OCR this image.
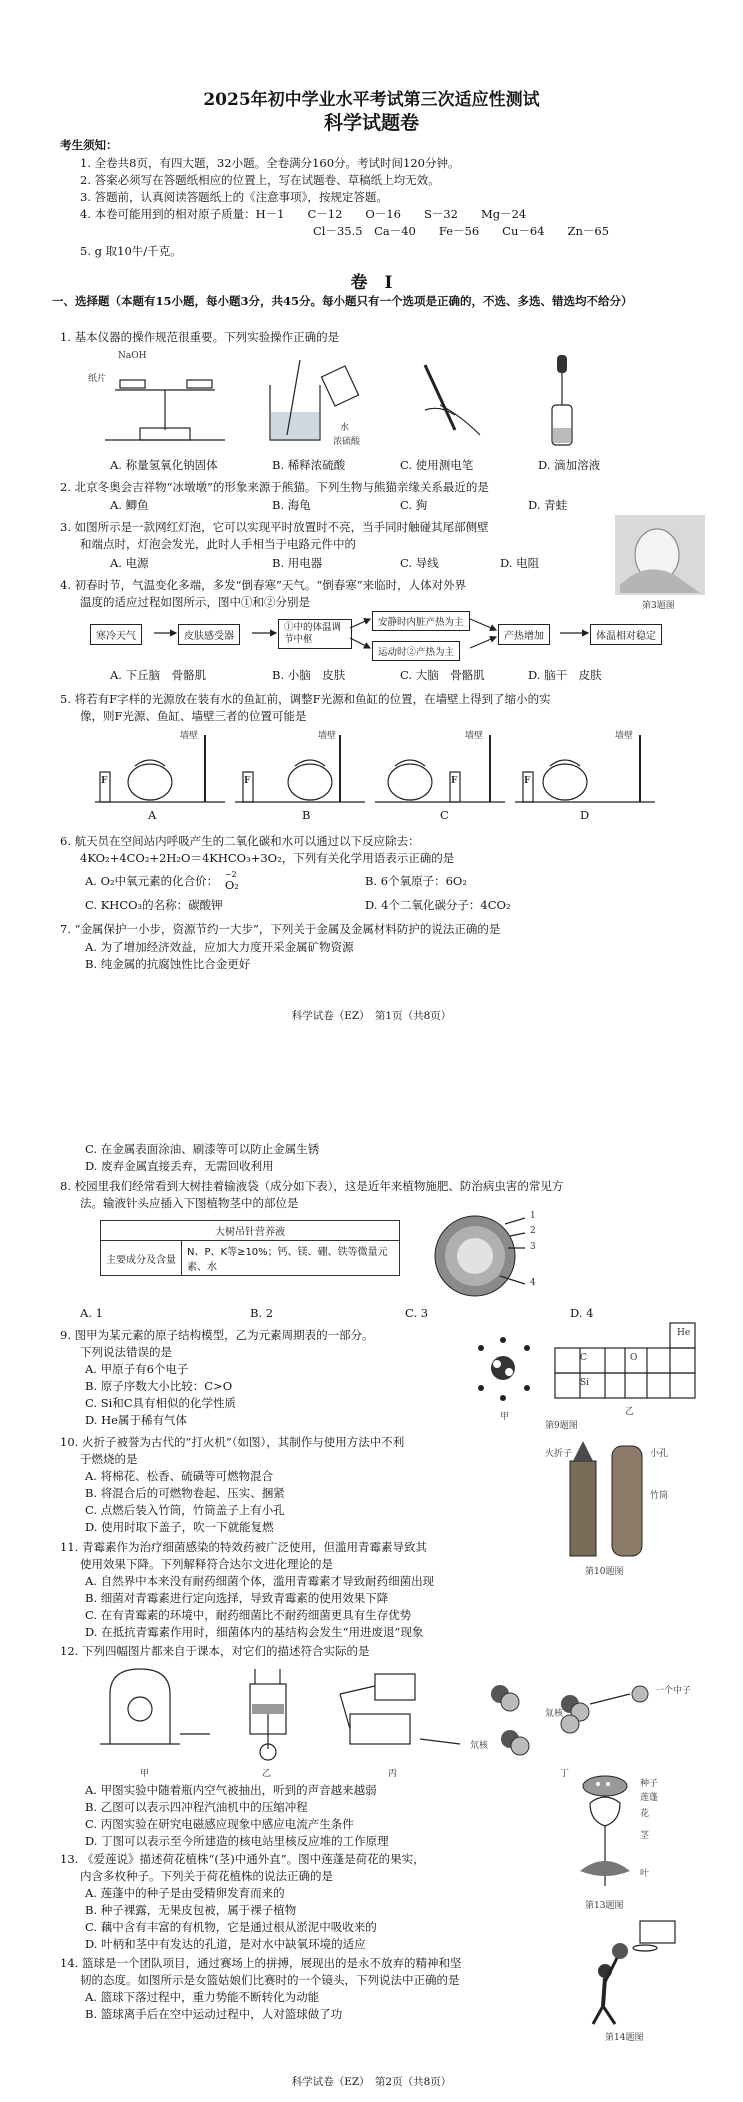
2025年初中学业水平考试第三次适应性测试
科学试题卷
考生须知：
1. 全卷共8页，有四大题，32小题。全卷满分160分。考试时间120分钟。
2. 答案必须写在答题纸相应的位置上，写在试题卷、草稿纸上均无效。
3. 答题前，认真阅读答题纸上的《注意事项》，按规定答题。
4. 本卷可能用到的相对原子质量：H－1　　C－12　　O－16　　S－32　　Mg－24
Cl－35.5　Ca－40　　Fe－56　　Cu－64　　Zn－65
5. g 取10牛/千克。
卷　Ⅰ
一、选择题（本题有15小题，每小题3分，共45分。每小题只有一个选项是正确的，不选、多选、错选均不给分）
1. 基本仪器的操作规范很重要。下列实验操作正确的是
NaOH
纸片
水
浓硫酸
A. 称量氢氧化钠固体	B. 稀释浓硫酸	C. 使用测电笔	D. 滴加溶液
2. 北京冬奥会吉祥物“冰墩墩”的形象来源于熊猫。下列生物与熊猫亲缘关系最近的是
A. 鲫鱼	B. 海龟	C. 狗	D. 青蛙
3. 如图所示是一款网红灯泡，它可以实现平时放置时不亮，当手同时触碰其尾部侧壁
和端点时，灯泡会发光，此时人手相当于电路元件中的
A. 电源	B. 用电器	C. 导线	D. 电阻
第3题图
4. 初春时节，气温变化多端，多发“倒春寒”天气。“倒春寒”来临时，人体对外界
温度的适应过程如图所示，图中①和②分别是
寒冷天气	皮肤感受器
①中的体温调节中枢
安静时内脏产热为主
运动时②产热为主
产热增加	体温相对稳定
A. 下丘脑　骨骼肌	B. 小脑　皮肤	C. 大脑　骨骼肌	D. 脑干　皮肤
5. 将若有F字样的光源放在装有水的鱼缸前，调整F光源和鱼缸的位置，在墙壁上得到了缩小的实
像，则F光源、鱼缸、墙壁三者的位置可能是
墙壁	墙壁	墙壁	墙壁
F	F	F	F
A	B	C	D
6. 航天员在空间站内呼吸产生的二氧化碳和水可以通过以下反应除去：
4KO₂+4CO₂+2H₂O＝4KHCO₃+3O₂，下列有关化学用语表示正确的是
A. O₂中氧元素的化合价： −2
O₂	B. 6个氧原子：6O₂
C. KHCO₃的名称：碳酸钾	D. 4个二氧化碳分子：4CO₂
7. “金属保护一小步，资源节约一大步”，下列关于金属及金属材料防护的说法正确的是
A. 为了增加经济效益，应加大力度开采金属矿物资源
B. 纯金属的抗腐蚀性比合金更好
科学试卷（EZ）　第1页（共8页）
C. 在金属表面涂油、刷漆等可以防止金属生锈
D. 废弃金属直接丢弃，无需回收利用
8. 校园里我们经常看到大树挂着输液袋（成分如下表），这是近年来植物施肥、防治病虫害的常见方
法。输液针头应插入下图植物茎中的部位是
大树吊针营养液
主要成分及含量	N、P、K等≥10%；钙、镁、硼、铁等微量元素、水
1
2
3
4
A. 1	B. 2	C. 3	D. 4
9. 图甲为某元素的原子结构模型，乙为元素周期表的一部分。
下列说法错误的是
A. 甲原子有6个电子
B. 原子序数大小比较：C>O
C. Si和C具有相似的化学性质
D. He属于稀有气体	甲
He
C	O
Si
乙
第9题图
10. 火折子被誉为古代的“打火机”（如图），其制作与使用方法中不利
于燃烧的是
A. 将棉花、松香、硫磺等可燃物混合
B. 将混合后的可燃物卷起、压实、捆紧
C. 点燃后装入竹筒，竹筒盖子上有小孔
D. 使用时取下盖子，吹一下就能复燃
火折子	小孔
竹筒
第10题图
11. 青霉素作为治疗细菌感染的特效药被广泛使用，但滥用青霉素导致其
使用效果下降。下列解释符合达尔文进化理论的是
A. 自然界中本来没有耐药细菌个体，滥用青霉素才导致耐药细菌出现
B. 细菌对青霉素进行定向选择，导致青霉素的使用效果下降
C. 在有青霉素的环境中，耐药细菌比不耐药细菌更具有生存优势
D. 在抵抗青霉素作用时，细菌体内的基结构会发生“用进废退”现象
12. 下列四幅图片都来自于课本，对它们的描述符合实际的是
甲	乙	丙	丁
氘核
氚核
一个中子
A. 甲图实验中随着瓶内空气被抽出，听到的声音越来越弱
B. 乙图可以表示四冲程汽油机中的压缩冲程
C. 丙图实验在研究电磁感应现象中感应电流产生条件
D. 丁图可以表示至今所建造的核电站里核反应堆的工作原理
13. 《爱莲说》描述荷花植株“(茎)中通外直”。图中莲蓬是荷花的果实，
内含多枚种子。下列关于荷花植株的说法正确的是
A. 莲蓬中的种子是由受精卵发育而来的
B. 种子裸露，无果皮包被，属于裸子植物
C. 藕中含有丰富的有机物，它是通过根从淤泥中吸收来的
D. 叶柄和茎中有发达的孔道，是对水中缺氧环境的适应
种子
莲蓬
花
茎
叶
第13题图
14. 篮球是一个团队项目，通过赛场上的拼搏，展现出的是永不放弃的精神和坚
韧的态度。如图所示是女篮姑娘们比赛时的一个镜头，下列说法中正确的是
A. 篮球下落过程中，重力势能不断转化为动能
B. 篮球离手后在空中运动过程中，人对篮球做了功
第14题图
科学试卷（EZ）　第2页（共8页）
